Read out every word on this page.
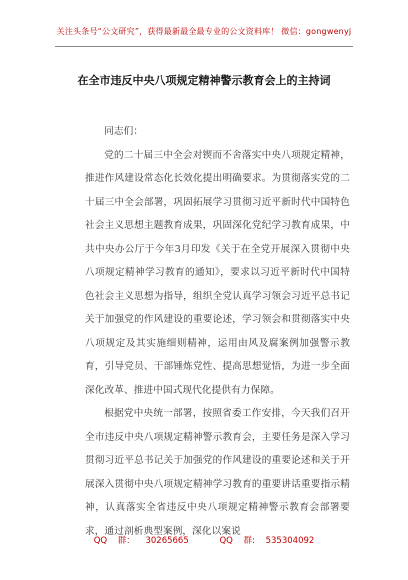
关注头条号“公文研究”，获得最新最全最专业的公文资料库！ 微信：gongwenyj
在全市违反中央八项规定精神警示教育会上的主持词

同志们：

党的二十届三中全会对锲而不舍落实中央八项规定精神，推进作风建设常态化长效化提出明确要求。为贯彻落实党的二十届三中全会部署，巩固拓展学习贯彻习近平新时代中国特色社会主义思想主题教育成果，巩固深化党纪学习教育成果，中共中央办公厅于今年3月印发《关于在全党开展深入贯彻中央八项规定精神学习教育的通知》，要求以习近平新时代中国特色社会主义思想为指导，组织全党认真学习领会习近平总书记关于加强党的作风建设的重要论述，学习领会和贯彻落实中央八项规定及其实施细则精神，运用由风及腐案例加强警示教育，引导党员、干部锤炼党性、提高思想觉悟，为进一步全面深化改革、推进中国式现代化提供有力保障。

根据党中央统一部署，按照省委工作安排，今天我们召开全市违反中央八项规定精神警示教育会，主要任务是深入学习贯彻习近平总书记关于加强党的作风建设的重要论述和关于开展深入贯彻中央八项规定精神学习教育的重要讲话重要指示精神，认真落实全省违反中央八项规定精神警示教育会部署要求，通过剖析典型案例，深化以案说

QQ 群： 30265665	QQ 群: 535304092
